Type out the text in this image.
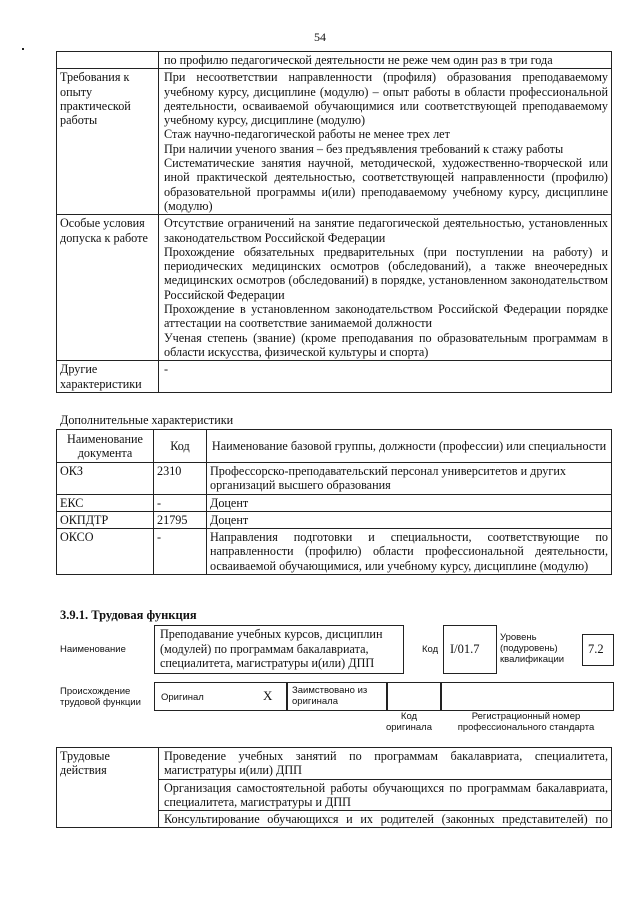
54
	по профилю педагогической деятельности не реже чем один раз в три года
Требования к опыту практической работы	При несоответствии направленности (профиля) образования преподаваемому учебному курсу, дисциплине (модулю) – опыт работы в области профессиональной деятельности, осваиваемой обучающимися или соответствующей преподаваемому учебному курсу, дисциплине (модулю)
Стаж научно-педагогической работы не менее трех лет
При наличии ученого звания – без предъявления требований к стажу работы
Систематические занятия научной, методической, художественно-творческой или иной практической деятельностью, соответствующей направленности (профилю) образовательной программы и(или) преподаваемому учебному курсу, дисциплине (модулю)

Особые условия допуска к работе	Отсутствие ограничений на занятие педагогической деятельностью, установленных законодательством Российской Федерации
Прохождение обязательных предварительных (при поступлении на работу) и периодических медицинских осмотров (обследований), а также внеочередных медицинских осмотров (обследований) в порядке, установленном законодательством Российской Федерации
Прохождение в установленном законодательством Российской Федерации порядке аттестации на соответствие занимаемой должности
Ученая степень (звание) (кроме преподавания по образовательным программам в области искусства, физической культуры и спорта)

Другие характеристики	-
Дополнительные характеристики
Наименование документа	Код	Наименование базовой группы, должности (профессии) или специальности
ОКЗ	2310	Профессорско-преподавательский персонал университетов и других организаций высшего образования
ЕКС	-	Доцент
ОКПДТР	21795	Доцент
ОКСО	-	Направления подготовки и специальности, соответствующие по направленности (профилю) области профессиональной деятельности, осваиваемой обучающимися, или учебному курсу, дисциплине (модулю)
3.9.1. Трудовая функция
Наименование
Преподавание учебных курсов, дисциплин (модулей) по программам бакалавриата, специалитета, магистратуры и(или) ДПП
Код I/01.7
Уровень (подуровень) квалификации
7.2
Происхождение трудовой функции	Оригинал	X Заимствовано из оригинала
Код оригинала
Регистрационный номер профессионального стандарта
Трудовые действия	Проведение учебных занятий по программам бакалавриата, специалитета, магистратуры и(или) ДПП
Организация самостоятельной работы обучающихся по программам бакалавриата, специалитета, магистратуры и ДПП
Консультирование обучающихся и их родителей (законных представителей) по
